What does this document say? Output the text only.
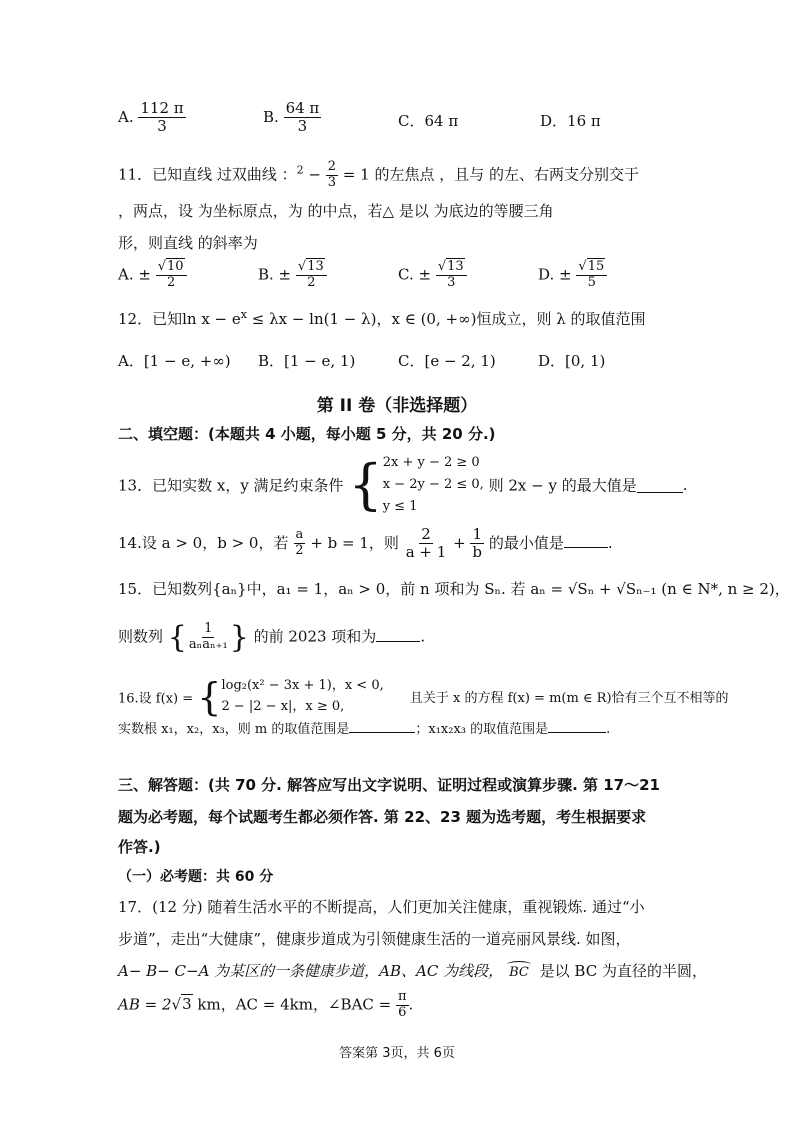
A. $\frac{112 \pi}{3}$	B. $\frac{64 \pi}{3}$	C．64 π	D．16 π
11．已知直线 过双曲线 ：$^2 - \frac{2}{3} = 1$ 的左焦点 ，且与 的左、右两支分别交于
，两点，设 为坐标原点，为 的中点，若△ 是以 为底边的等腰三角
形，则直线 的斜率为
A. ± $\frac{√10}{2}$	B. ± $\frac{√13}{2}$	C. ± $\frac{√13}{3}$	D. ± $\frac{√15}{5}$
12．已知$\ln x - e^x \le \lambda x - \ln(1 - \lambda)$，x ∈ (0, +∞)恒成立，则 λ 的取值范围
A．[1 − e, +∞) B．[1 − e, 1)	C．[e − 2, 1)	D．[0, 1)
第 II 卷（非选择题）
二、填空题：(本题共 4 小题，每小题 5 分，共 20 分.)
13．已知实数 x，y 满足约束条件 { 2x + y − 2 ≥ 0
x − 2y − 2 ≤ 0,
y ≤ 1
则 2x − y 的最大值是	.
14.设 a > 0，b > 0，若 $\frac{a}{2} + b = 1$，则 $\frac{2}{a + 1} + \frac{1}{b}$ 的最小值是	.
15．已知数列{aₙ}中，a₁ = 1，aₙ > 0，前 n 项和为 Sₙ. 若 aₙ = √Sₙ + √Sₙ₋₁ (n ∈ N*, n ≥ 2)，
则数列 { $\frac{1}{\text{aₙaₙ₊₁}}$ } 的前 2023 项和为	.
16.设 f(x) = { log₂(x² − 3x + 1)，x < 0,
2 − |2 − x|，x ≥ 0,	且关于 x 的方程 f(x) = m(m ∈ R)恰有三个互不相等的
实数根 x₁，x₂，x₃，则 m 的取值范围是	；x₁x₂x₃ 的取值范围是	.
三、解答题：(共 70 分. 解答应写出文字说明、证明过程或演算步骤. 第 17～21
题为必考题，每个试题考生都必须作答. 第 22、23 题为选考题，考生根据要求
作答.)
（一）必考题：共 60 分
17．(12 分) 随着生活水平的不断提高，人们更加关注健康，重视锻炼. 通过“小
步道”，走出“大健康”，健康步道成为引领健康生活的一道亮丽风景线. 如图，
A− B− C−A 为某区的一条健康步道，AB、AC 为线段， BC 是以 BC 为直径的半圆，
AB = 2√3 km，AC = 4km，∠BAC = $\frac{\pi}{6}$ .
答案第 3页，共 6页
